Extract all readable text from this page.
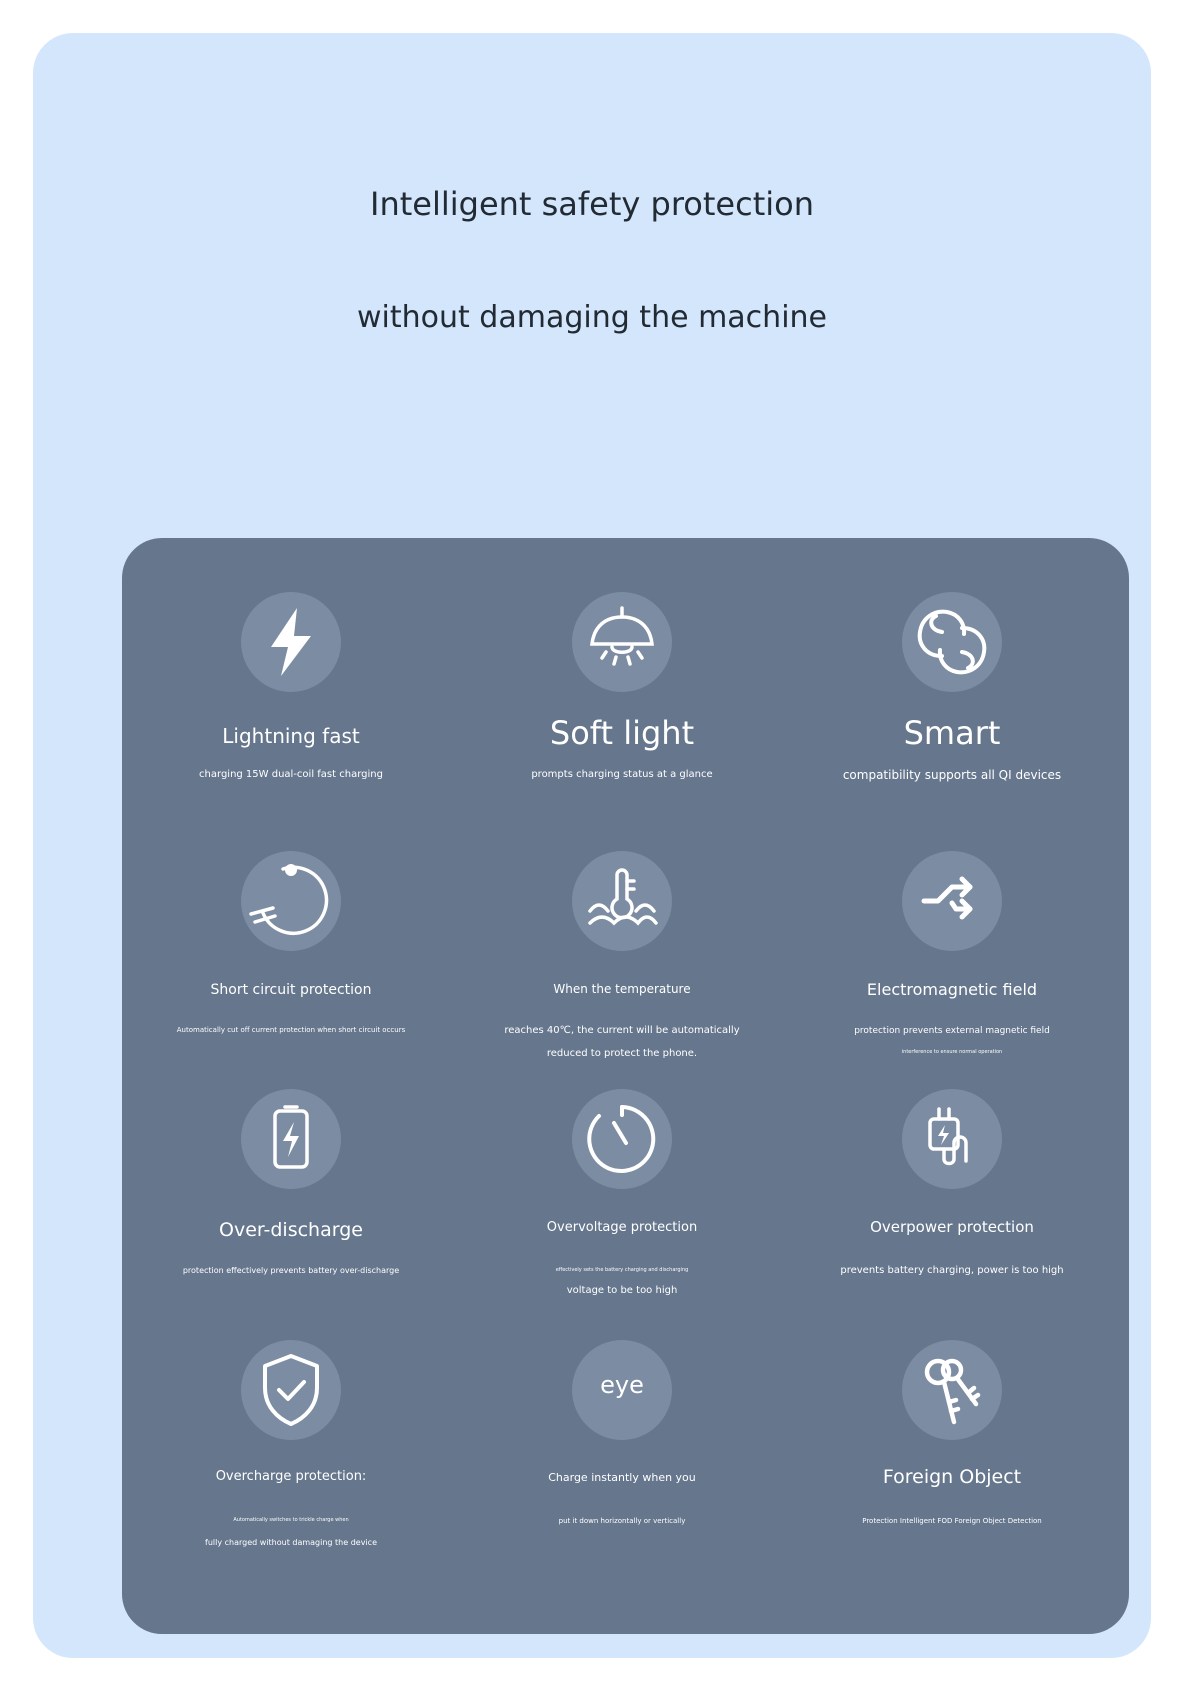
Intelligent safety protection
without damaging the machine
Lightning fast
charging 15W dual-coil fast charging
Soft light
prompts charging status at a glance
Smart
compatibility supports all QI devices
Short circuit protection
Automatically cut off current protection when short circuit occurs
When the temperature
reaches 40℃, the current will be automatically
reduced to protect the phone.
Electromagnetic field
protection prevents external magnetic field
interference to ensure normal operation
Over-discharge
protection effectively prevents battery over-discharge
Overvoltage protection
effectively sets the battery charging and discharging
voltage to be too high
Overpower protection
prevents battery charging, power is too high
Overcharge protection:
Automatically switches to trickle charge when
fully charged without damaging the device
eye
Charge instantly when you
put it down horizontally or vertically
Foreign Object
Protection Intelligent FOD Foreign Object Detection
